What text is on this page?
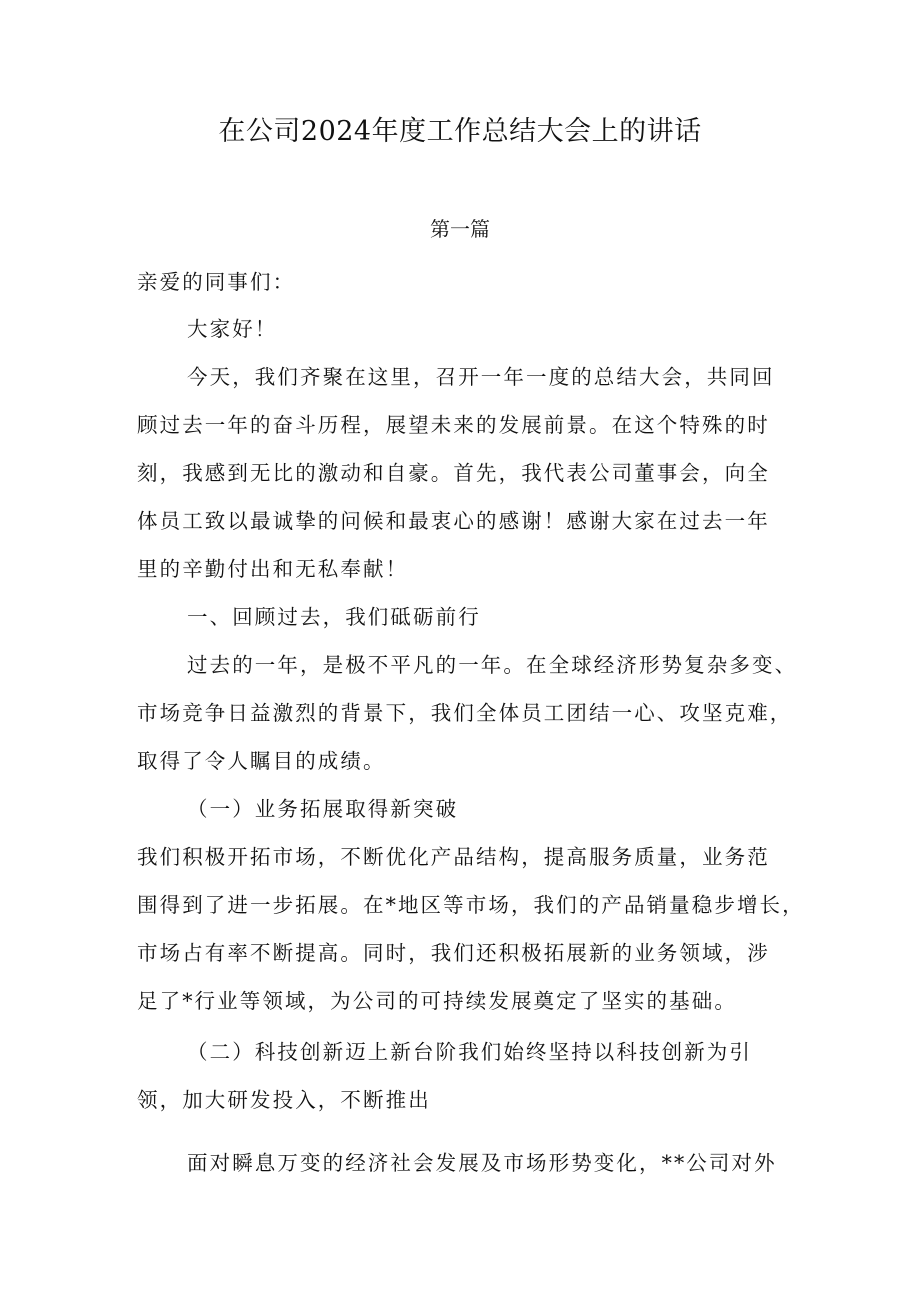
在公司2024年度工作总结大会上的讲话
第一篇
亲爱的同事们：
大家好！
今天，我们齐聚在这里，召开一年一度的总结大会，共同回
顾过去一年的奋斗历程，展望未来的发展前景。在这个特殊的时
刻，我感到无比的激动和自豪。首先，我代表公司董事会，向全
体员工致以最诚挚的问候和最衷心的感谢！感谢大家在过去一年
里的辛勤付出和无私奉献！
一、回顾过去，我们砥砺前行
过去的一年，是极不平凡的一年。在全球经济形势复杂多变、
市场竞争日益激烈的背景下，我们全体员工团结一心、攻坚克难，
取得了令人瞩目的成绩。
（一）业务拓展取得新突破
我们积极开拓市场，不断优化产品结构，提高服务质量，业务范
围得到了进一步拓展。在*地区等市场，我们的产品销量稳步增长，
市场占有率不断提高。同时，我们还积极拓展新的业务领域，涉
足了*行业等领域，为公司的可持续发展奠定了坚实的基础。
（二）科技创新迈上新台阶我们始终坚持以科技创新为引
领，加大研发投入，不断推出
面对瞬息万变的经济社会发展及市场形势变化，**公司对外
